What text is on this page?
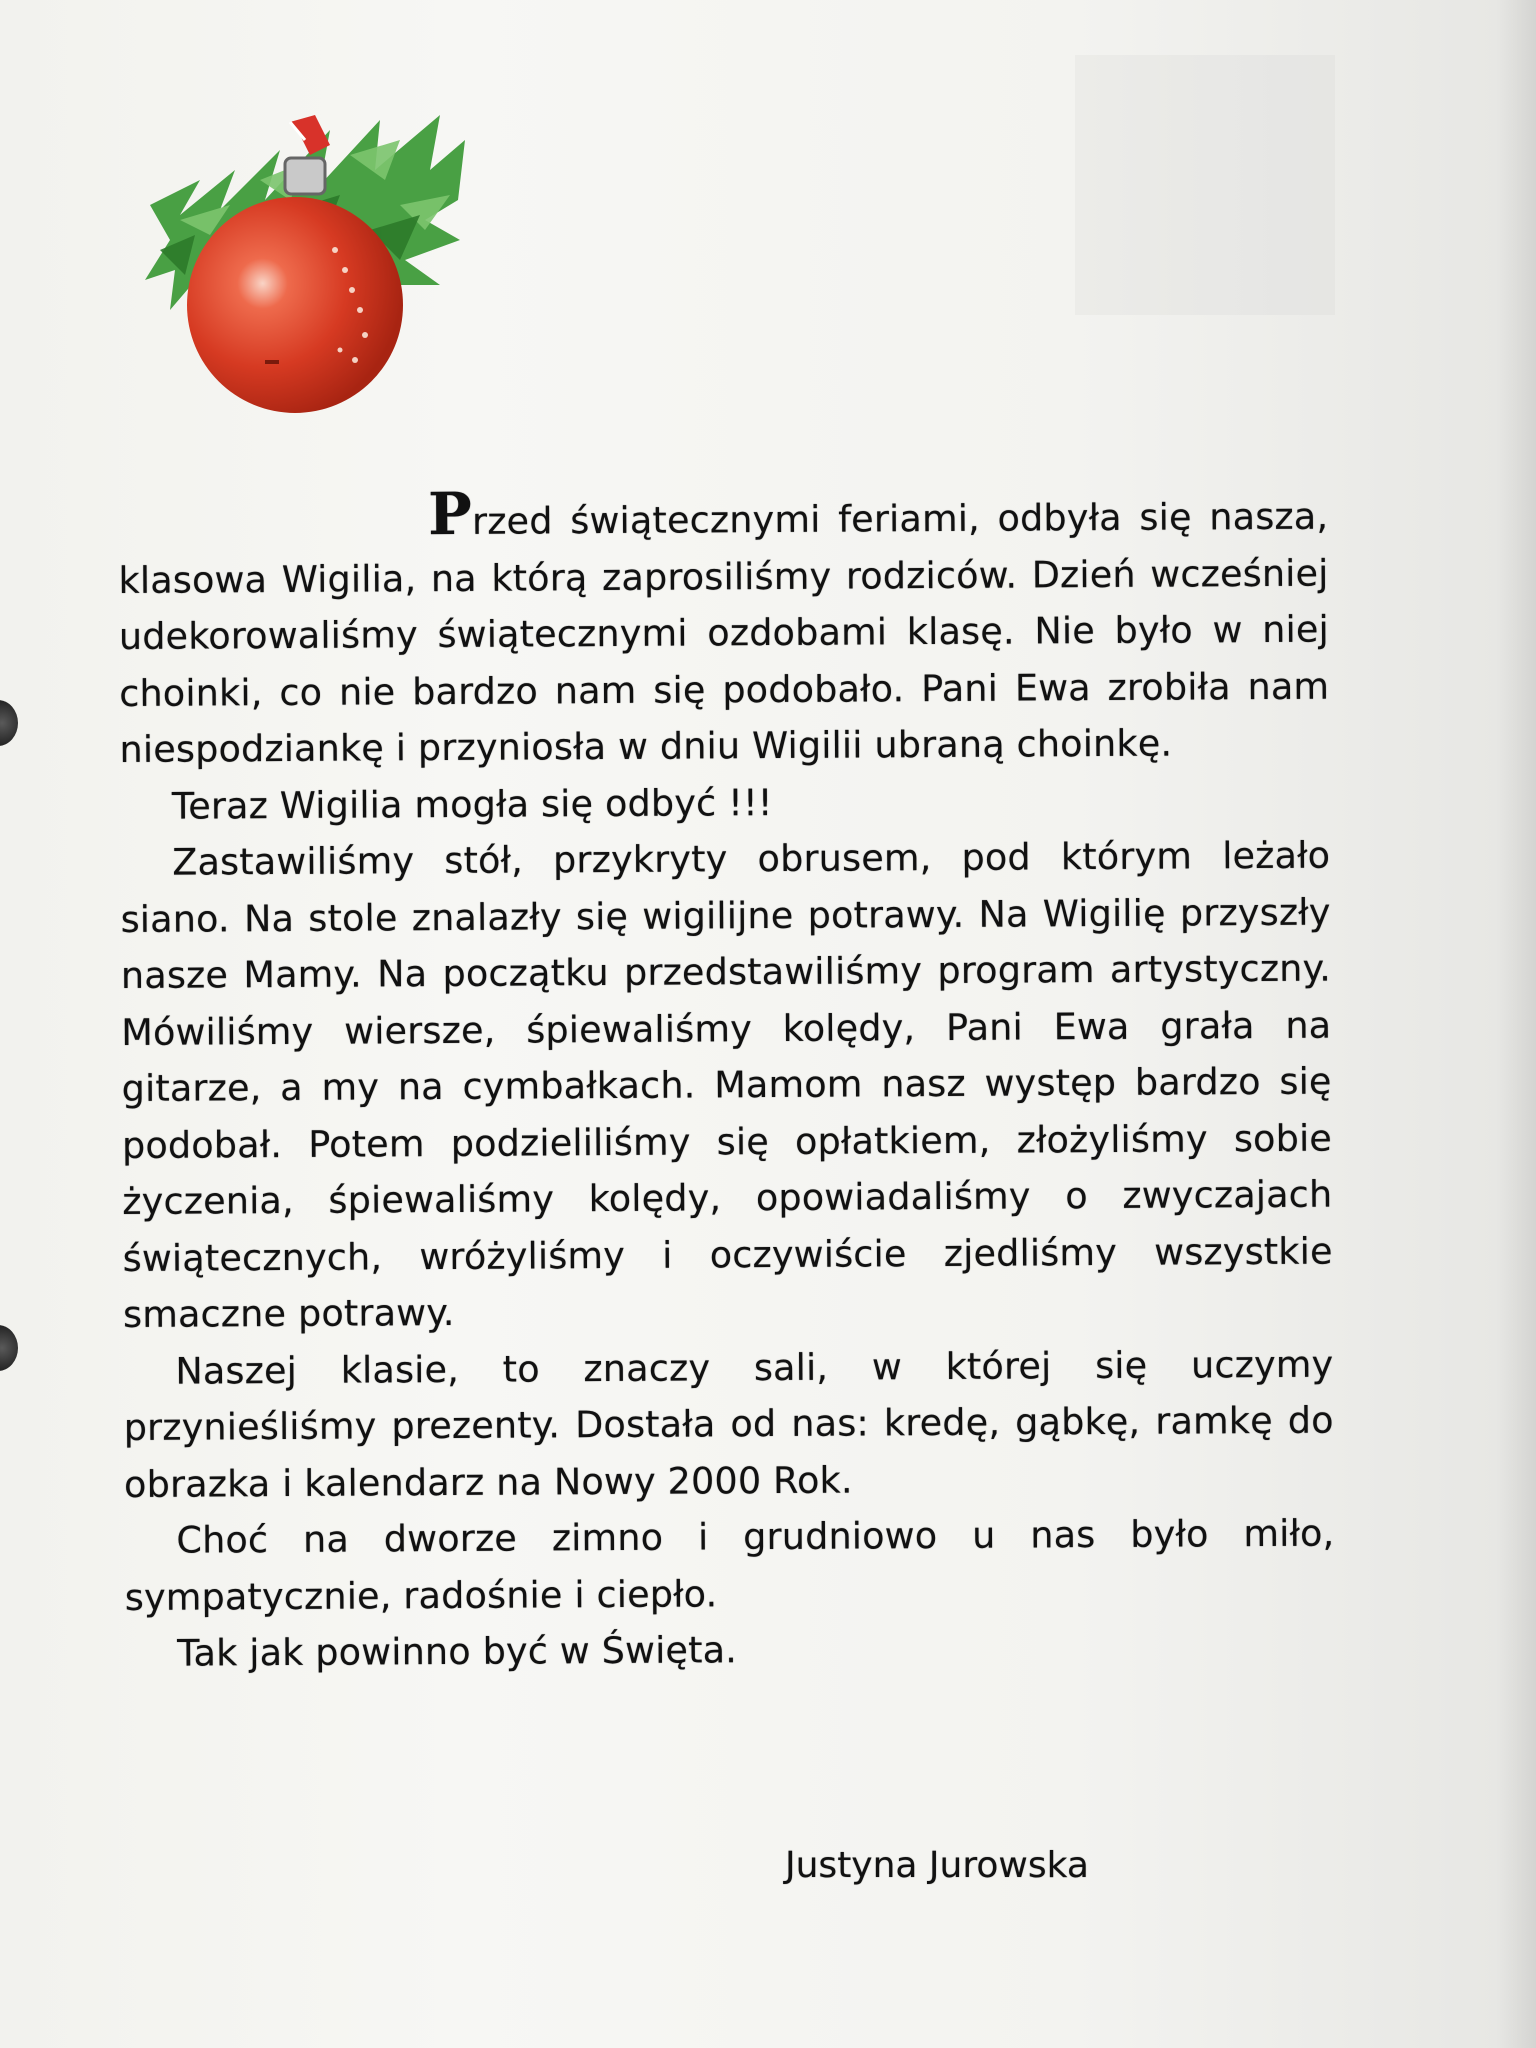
Przed świątecznymi feriami, odbyła się nasza, klasowa Wigilia, na którą zaprosiliśmy rodziców. Dzień wcześniej udekorowaliśmy świątecznymi ozdobami klasę. Nie było w niej choinki, co nie bardzo nam się podobało. Pani Ewa zrobiła nam niespodziankę i przyniosła w dniu Wigilii ubraną choinkę.

Teraz Wigilia mogła się odbyć !!!

Zastawiliśmy stół, przykryty obrusem, pod którym leżało siano. Na stole znalazły się wigilijne potrawy. Na Wigilię przyszły nasze Mamy. Na początku przedstawiliśmy program artystyczny. Mówiliśmy wiersze, śpiewaliśmy kolędy, Pani Ewa grała na gitarze, a my na cymbałkach. Mamom nasz występ bardzo się podobał. Potem podzieliliśmy się opłatkiem, złożyliśmy sobie życzenia, śpiewaliśmy kolędy, opowiadaliśmy o zwyczajach świątecznych, wróżyliśmy i oczywiście zjedliśmy wszystkie smaczne potrawy.

Naszej klasie, to znaczy sali, w której się uczymy przynieśliśmy prezenty. Dostała od nas: kredę, gąbkę, ramkę do obrazka i kalendarz na Nowy 2000 Rok.

Choć na dworze zimno i grudniowo u nas było miło, sympatycznie, radośnie i ciepło.

Tak jak powinno być w Święta.

Justyna Jurowska
